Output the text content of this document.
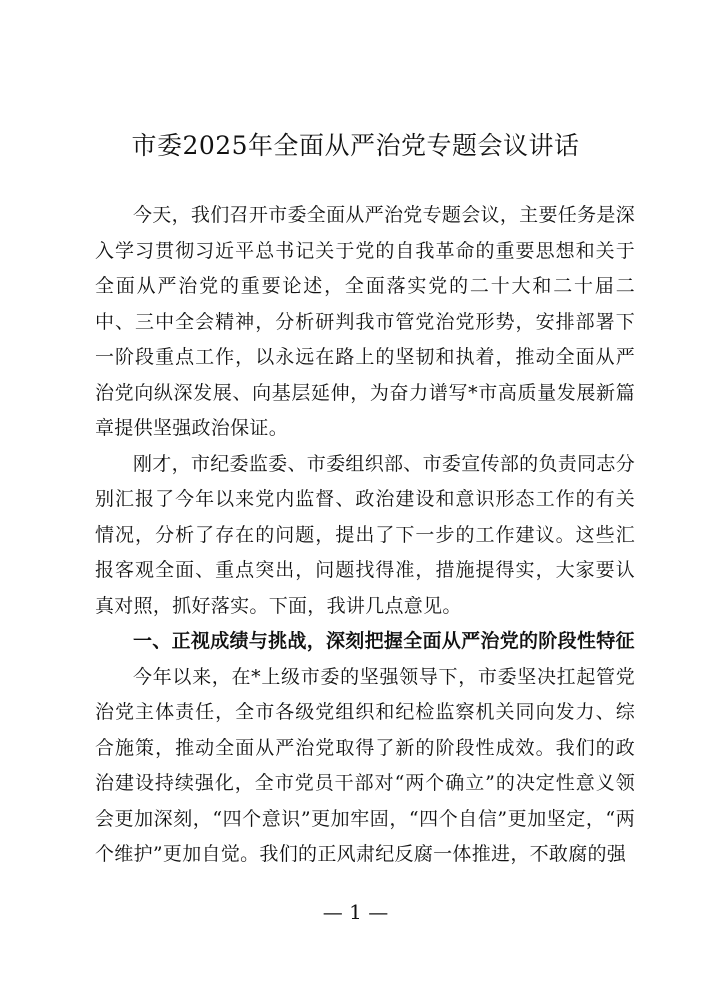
市委2025年全面从严治党专题会议讲话

今天，我们召开市委全面从严治党专题会议，主要任务是深入学习贯彻习近平总书记关于党的自我革命的重要思想和关于全面从严治党的重要论述，全面落实党的二十大和二十届二中、三中全会精神，分析研判我市管党治党形势，安排部署下一阶段重点工作，以永远在路上的坚韧和执着，推动全面从严治党向纵深发展、向基层延伸，为奋力谱写*市高质量发展新篇章提供坚强政治保证。

刚才，市纪委监委、市委组织部、市委宣传部的负责同志分别汇报了今年以来党内监督、政治建设和意识形态工作的有关情况，分析了存在的问题，提出了下一步的工作建议。这些汇报客观全面、重点突出，问题找得准，措施提得实，大家要认真对照，抓好落实。下面，我讲几点意见。

一、正视成绩与挑战，深刻把握全面从严治党的阶段性特征

今年以来，在*上级市委的坚强领导下，市委坚决扛起管党治党主体责任，全市各级党组织和纪检监察机关同向发力、综合施策，推动全面从严治党取得了新的阶段性成效。我们的政治建设持续强化，全市党员干部对“两个确立”的决定性意义领会更加深刻，“四个意识”更加牢固，“四个自信”更加坚定，“两个维护”更加自觉。我们的正风肃纪反腐一体推进，不敢腐的强

— 1 —
